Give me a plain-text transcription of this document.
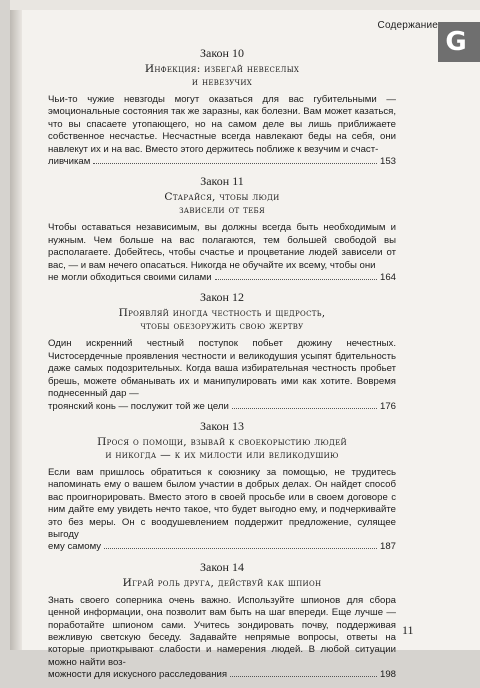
Содержание
G
Закон 10
Инфекция: избегай невеселых
и невезучих
Чьи-то чужие невзгоды могут оказаться для вас губительными — эмоциональные состояния так же заразны, как болезни. Вам может казаться, что вы спасаете утопающего, но на самом деле вы лишь приближаете собственное несчастье. Несчастные всегда навлекают беды на себя, они навлекут их и на вас. Вместо этого держитесь поближе к везучим и счаст-
ливчикам	153
Закон 11
Старайся, чтобы люди
зависели от тебя
Чтобы оставаться независимым, вы должны всегда быть необходимым и нужным. Чем больше на вас полагаются, тем большей свободой вы располагаете. Добейтесь, чтобы счастье и процветание людей зависели от вас, — и вам нечего опасаться. Никогда не обучайте их всему, чтобы они
не могли обходиться своими силами	164
Закон 12
Проявляй иногда честность и щедрость,
чтобы обезоружить свою жертву
Один искренний честный поступок побьет дюжину нечестных. Чистосердечные проявления честности и великодушия усыпят бдительность даже самых подозрительных. Когда ваша избирательная честность пробьет брешь, можете обманывать их и манипулировать ими как хотите. Вовремя поднесенный дар —
троянский конь — послужит той же цели	176
Закон 13
Прося о помощи, взывай к своекорыстию людей
и никогда — к их милости или великодушию
Если вам пришлось обратиться к союзнику за помощью, не трудитесь напоминать ему о вашем былом участии в добрых делах. Он найдет способ вас проигнорировать. Вместо этого в своей просьбе или в своем договоре с ним дайте ему увидеть нечто такое, что будет выгодно ему, и подчеркивайте это без меры. Он с воодушевлением поддержит предложение, сулящее выгоду
ему самому	187
Закон 14
Играй роль друга, действуй как шпион
Знать своего соперника очень важно. Используйте шпионов для сбора ценной информации, она позволит вам быть на шаг впереди. Еще лучше — поработайте шпионом сами. Учитесь зондировать почву, поддерживая вежливую светскую беседу. Задавайте непрямые вопросы, ответы на которые приоткрывают слабости и намерения людей. В любой ситуации можно найти воз-
можности для искусного расследования	198
11
